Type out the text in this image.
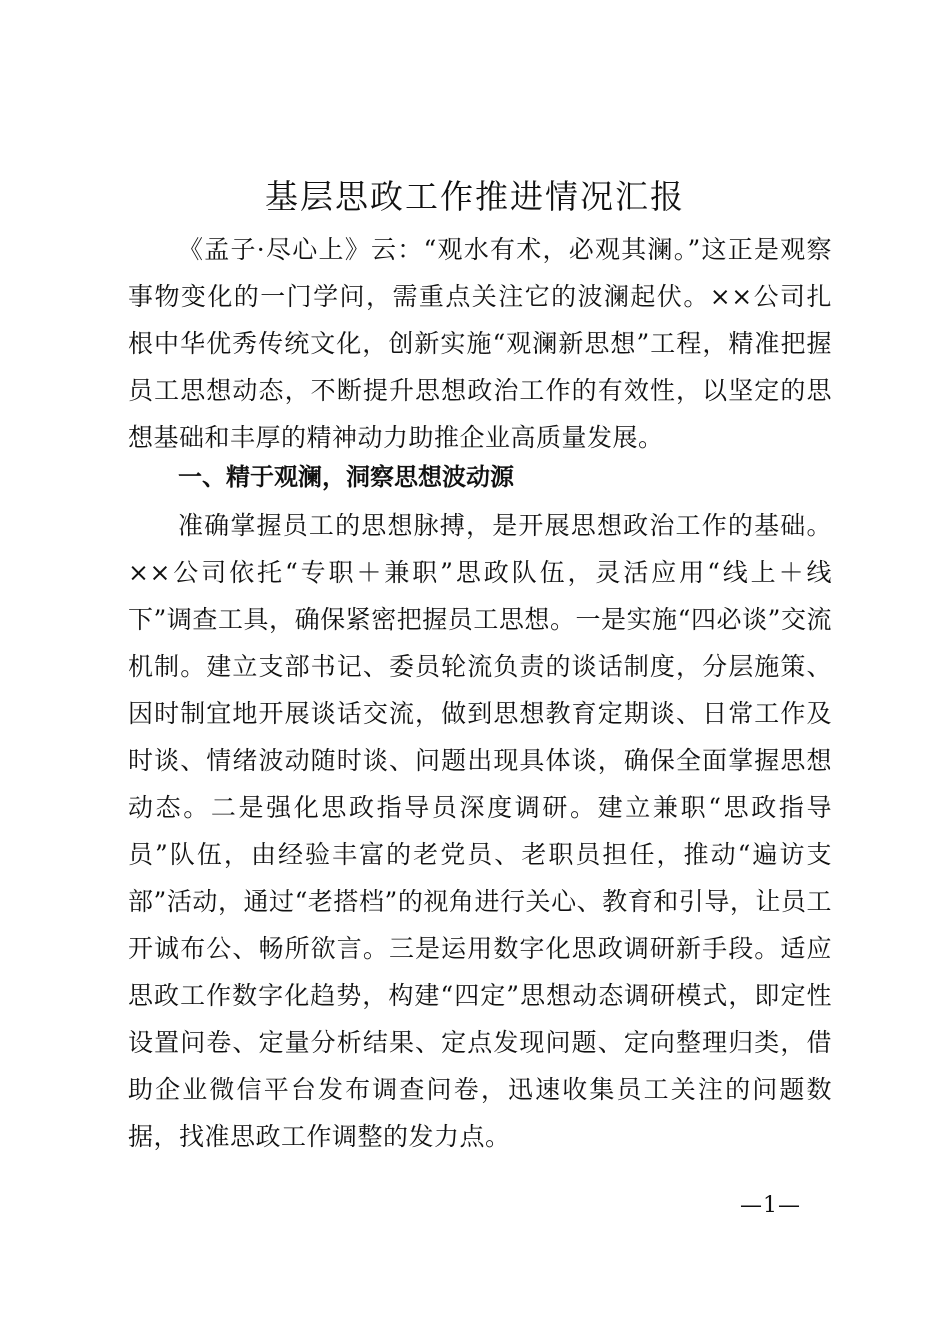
基层思政工作推进情况汇报

《孟子·尽心上》云：“观水有术，必观其澜。”这正是观察事物变化的一门学问，需重点关注它的波澜起伏。××公司扎根中华优秀传统文化，创新实施“观澜新思想”工程，精准把握员工思想动态，不断提升思想政治工作的有效性，以坚定的思想基础和丰厚的精神动力助推企业高质量发展。

一、精于观澜，洞察思想波动源

准确掌握员工的思想脉搏，是开展思想政治工作的基础。××公司依托“专职＋兼职”思政队伍，灵活应用“线上＋线下”调查工具，确保紧密把握员工思想。一是实施“四必谈”交流机制。建立支部书记、委员轮流负责的谈话制度，分层施策、因时制宜地开展谈话交流，做到思想教育定期谈、日常工作及时谈、情绪波动随时谈、问题出现具体谈，确保全面掌握思想动态。二是强化思政指导员深度调研。建立兼职“思政指导员”队伍，由经验丰富的老党员、老职员担任，推动“遍访支部”活动，通过“老搭档”的视角进行关心、教育和引导，让员工开诚布公、畅所欲言。三是运用数字化思政调研新手段。适应思政工作数字化趋势，构建“四定”思想动态调研模式，即定性设置问卷、定量分析结果、定点发现问题、定向整理归类，借助企业微信平台发布调查问卷，迅速收集员工关注的问题数据，找准思政工作调整的发力点。

—1—
